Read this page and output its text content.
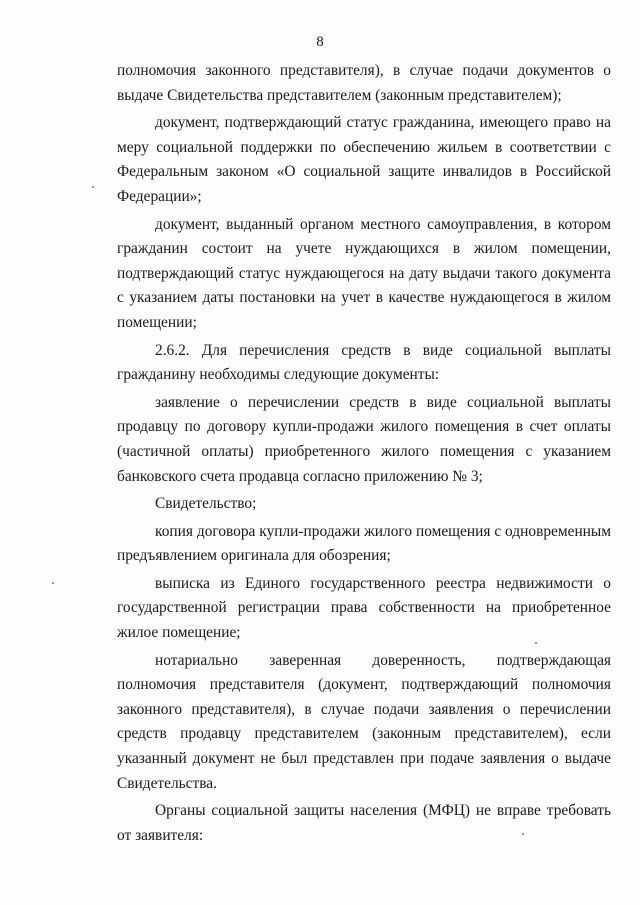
8

полномочия законного представителя), в случае подачи документов о выдаче Свидетельства представителем (законным представителем);

документ, подтверждающий статус гражданина, имеющего право на меру социальной поддержки по обеспечению жильем в соответствии с Федеральным законом «О социальной защите инвалидов в Российской Федерации»;

документ, выданный органом местного самоуправления, в котором гражданин состоит на учете нуждающихся в жилом помещении, подтверждающий статус нуждающегося на дату выдачи такого документа с указанием даты постановки на учет в качестве нуждающегося в жилом помещении;

2.6.2. Для перечисления средств в виде социальной выплаты гражданину необходимы следующие документы:

заявление о перечислении средств в виде социальной выплаты продавцу по договору купли-продажи жилого помещения в счет оплаты (частичной оплаты) приобретенного жилого помещения с указанием банковского счета продавца согласно приложению № 3;

Свидетельство;

копия договора купли-продажи жилого помещения с одновременным предъявлением оригинала для обозрения;

выписка из Единого государственного реестра недвижимости о государственной регистрации права собственности на приобретенное жилое помещение;

нотариально заверенная доверенность, подтверждающая полномочия представителя (документ, подтверждающий полномочия законного представителя), в случае подачи заявления о перечислении средств продавцу представителем (законным представителем), если указанный документ не был представлен при подаче заявления о выдаче Свидетельства.

Органы социальной защиты населения (МФЦ) не вправе требовать от заявителя:
